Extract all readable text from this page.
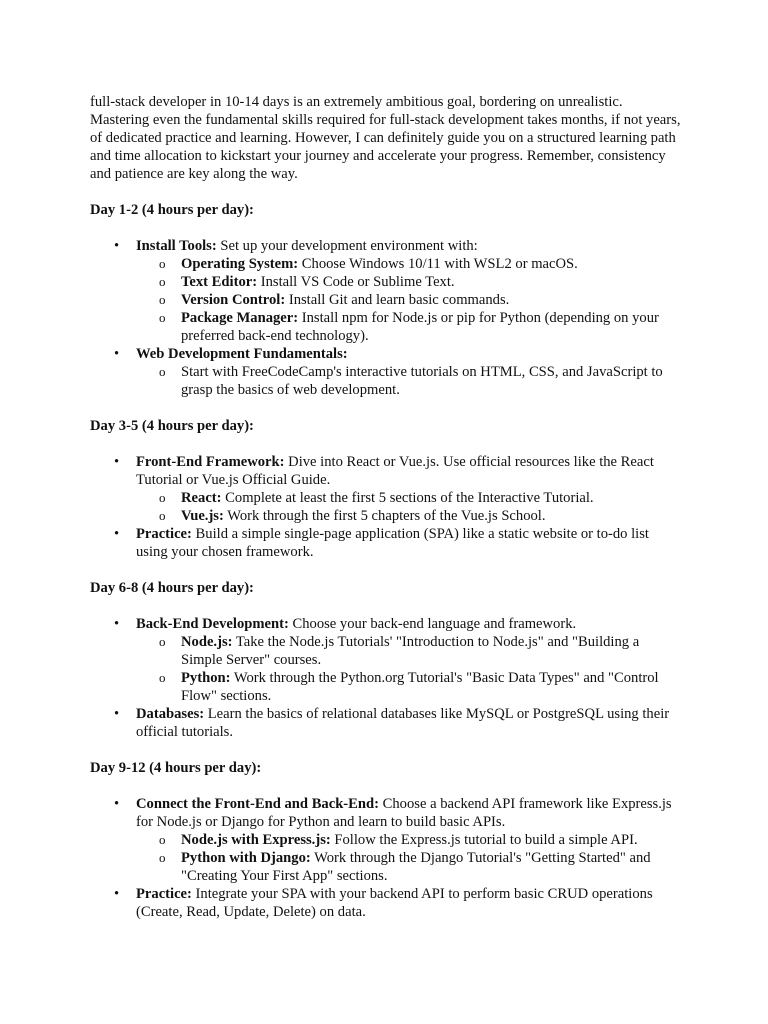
full-stack developer in 10-14 days is an extremely ambitious goal, bordering on unrealistic. Mastering even the fundamental skills required for full-stack development takes months, if not years, of dedicated practice and learning. However, I can definitely guide you on a structured learning path and time allocation to kickstart your journey and accelerate your progress. Remember, consistency and patience are key along the way.

Day 1-2 (4 hours per day):

• Install Tools: Set up your development environment with:
o Operating System: Choose Windows 10/11 with WSL2 or macOS.
o Text Editor: Install VS Code or Sublime Text.
o Version Control: Install Git and learn basic commands.
o Package Manager: Install npm for Node.js or pip for Python (depending on your preferred back-end technology).
• Web Development Fundamentals:
o Start with FreeCodeCamp's interactive tutorials on HTML, CSS, and JavaScript to grasp the basics of web development.

Day 3-5 (4 hours per day):

• Front-End Framework: Dive into React or Vue.js. Use official resources like the React Tutorial or Vue.js Official Guide.
o React: Complete at least the first 5 sections of the Interactive Tutorial.
o Vue.js: Work through the first 5 chapters of the Vue.js School.
• Practice: Build a simple single-page application (SPA) like a static website or to-do list using your chosen framework.

Day 6-8 (4 hours per day):

• Back-End Development: Choose your back-end language and framework.
o Node.js: Take the Node.js Tutorials' "Introduction to Node.js" and "Building a Simple Server" courses.
o Python: Work through the Python.org Tutorial's "Basic Data Types" and "Control Flow" sections.
• Databases: Learn the basics of relational databases like MySQL or PostgreSQL using their official tutorials.

Day 9-12 (4 hours per day):

• Connect the Front-End and Back-End: Choose a backend API framework like Express.js for Node.js or Django for Python and learn to build basic APIs.
o Node.js with Express.js: Follow the Express.js tutorial to build a simple API.
o Python with Django: Work through the Django Tutorial's "Getting Started" and "Creating Your First App" sections.
• Practice: Integrate your SPA with your backend API to perform basic CRUD operations (Create, Read, Update, Delete) on data.
